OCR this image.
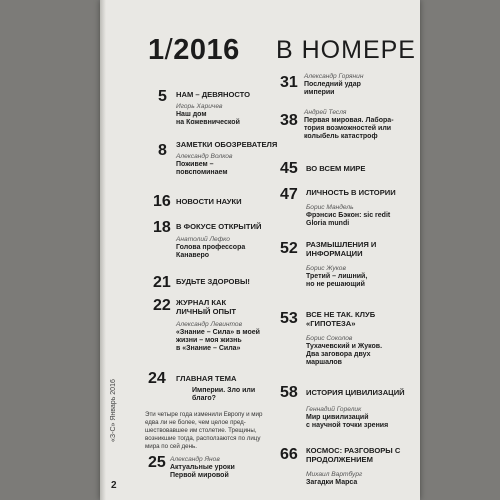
1/2016 В НОМЕРЕ
5 НАМ – ДЕВЯНОСТО
Игорь Харичев
Наш дом
на Кожевнической
8 ЗАМЕТКИ ОБОЗРЕВАТЕЛЯ
Александр Волков
Поживем –
повспоминаем
16 НОВОСТИ НАУКИ
18 В ФОКУСЕ ОТКРЫТИЙ
Анатолий Лефко
Голова профессора
Канаверо
21 БУДЬТЕ ЗДОРОВЫ!
22 ЖУРНАЛ КАК ЛИЧНЫЙ ОПЫТ
Александр Левинтов
«Знание – Сила» в моей
жизни – моя жизнь
в «Знание – Сила»
24 ГЛАВНАЯ ТЕМА
Империи. Зло или
благо?
Эти четыре года изменили Европу и мир
едва ли не более, чем целое пред-
шествовавшее им столетие. Трещины,
возникшие тогда, расползаются по лицу
мира по сей день.
25 Александр Янов
Актуальные уроки
Первой мировой
31 Александр Горянин
Последний удар
империи
38 Андрей Тесля
Первая мировая. Лабора-
тория возможностей или
колыбель катастроф
45 ВО ВСЕМ МИРЕ
47 ЛИЧНОСТЬ В ИСТОРИИ
Борис Мандель
Фрэнсис Бэкон: sic redit
Gloria mundi
52 РАЗМЫШЛЕНИЯ И ИНФОРМАЦИИ
Борис Жуков
Третий – лишний,
но не решающий
53 ВСЕ НЕ ТАК. КЛУБ «ГИПОТЕЗА»
Борис Соколов
Тухачевский и Жуков.
Два заговора двух
маршалов
58 ИСТОРИЯ ЦИВИЛИЗАЦИЙ
Геннадий Горелик
Мир цивилизаций
с научной точки зрения
66 КОСМОС: РАЗГОВОРЫ С ПРОДОЛЖЕНИЕМ
Михаил Вартбург
Загадки Марса
«З-С» Январь 2016
2
